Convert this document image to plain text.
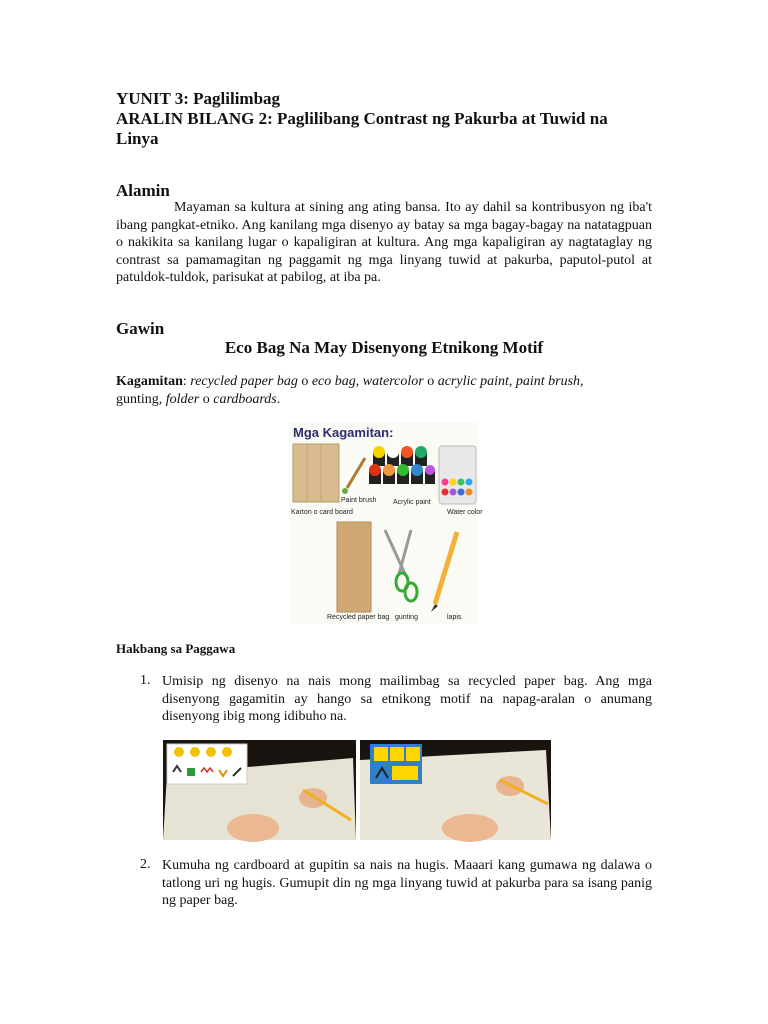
YUNIT 3: Paglilimbag
ARALIN BILANG 2: Paglilibang Contrast ng Pakurba at Tuwid na
Linya
Alamin
Mayaman sa kultura at sining ang ating bansa. Ito ay dahil sa kontribusyon ng iba't ibang pangkat-etniko. Ang kanilang mga disenyo ay batay sa mga bagay-bagay na natatagpuan o nakikita sa kanilang lugar o kapaligiran at kultura. Ang mga kapaligiran ay nagtataglay ng contrast sa pamamagitan ng paggamit ng mga linyang tuwid at pakurba, paputol-putol at patuldok-tuldok, parisukat at pabilog, at iba pa.
Gawin
Eco Bag Na May Disenyong Etnikong Motif
Kagamitan: recycled paper bag o eco bag, watercolor o acrylic paint, paint brush,
gunting, folder o cardboards.
Mga Kagamitan:
Karton o card board
Paint brush Acrylic paint
Water color
Recycled paper bag gunting	lapis
Hakbang sa Paggawa
1. Umisip ng disenyo na nais mong mailimbag sa recycled paper bag. Ang mga disenyong gagamitin ay hango sa etnikong motif na napag-aralan o anumang disenyong ibig mong idibuho na.
2. Kumuha ng cardboard at gupitin sa nais na hugis. Maaari kang gumawa ng dalawa o tatlong uri ng hugis. Gumupit din ng mga linyang tuwid at pakurba para sa isang panig ng paper bag.
